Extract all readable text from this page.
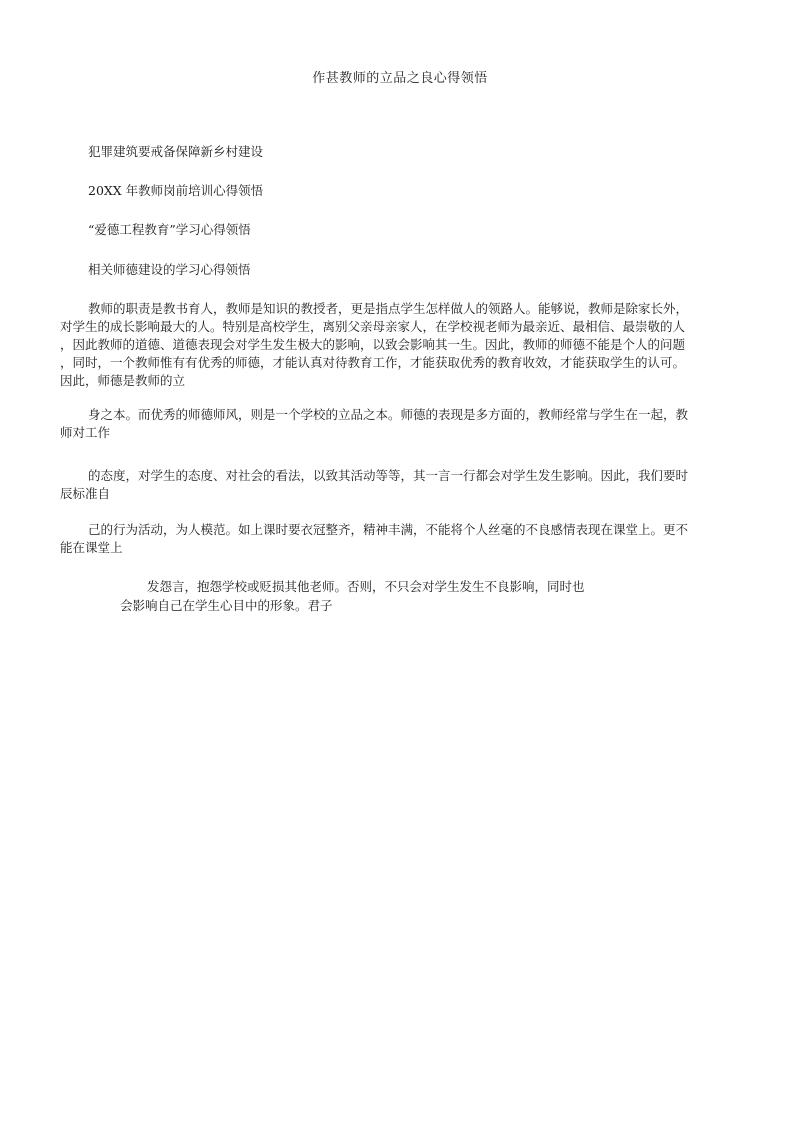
作甚教师的立品之良心得领悟
犯罪建筑要戒备保障新乡村建设
20XX 年教师岗前培训心得领悟
“爱德工程教育”学习心得领悟
相关师德建设的学习心得领悟
教师的职责是教书育人，教师是知识的教授者，更是指点学生怎样做人的领路人。能够说，教师是除家长外，
对学生的成长影响最大的人。特别是高校学生，离别父亲母亲家人，在学校视老师为最亲近、最相信、最崇敬的人
，因此教师的道德、道德表现会对学生发生极大的影响，以致会影响其一生。因此，教师的师德不能是个人的问题
，同时，一个教师惟有有优秀的师德，才能认真对待教育工作，才能获取优秀的教育收效，才能获取学生的认可。
因此，师德是教师的立
身之本。而优秀的师德师风，则是一个学校的立品之本。师德的表现是多方面的，教师经常与学生在一起，教
师对工作
的态度，对学生的态度、对社会的看法，以致其活动等等，其一言一行都会对学生发生影响。因此，我们要时
辰标准自
己的行为活动，为人模范。如上课时要衣冠整齐，精神丰满，不能将个人丝毫的不良感情表现在课堂上。更不
能在课堂上
发怨言，抱怨学校或贬损其他老师。否则，不只会对学生发生不良影响，同时也
会影响自己在学生心目中的形象。君子
